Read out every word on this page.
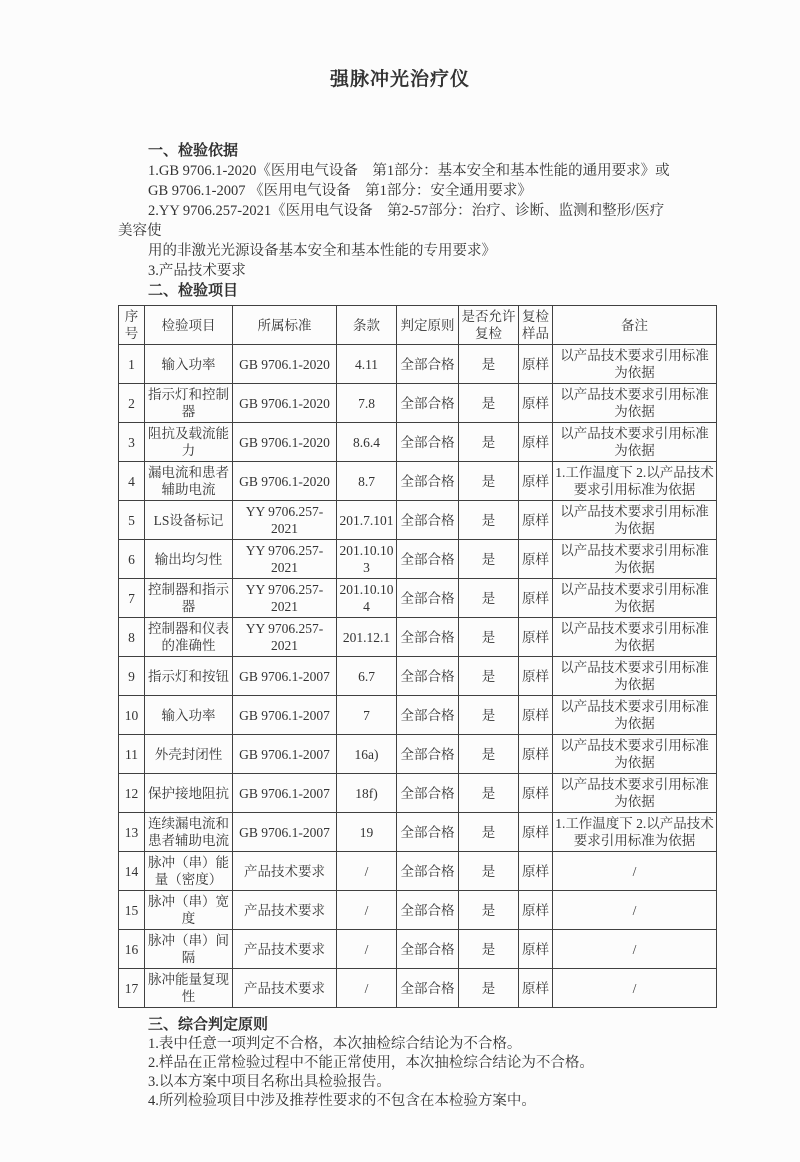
强脉冲光治疗仪
一、检验依据
1.GB 9706.1-2020《医用电气设备　第1部分：基本安全和基本性能的通用要求》或
GB 9706.1-2007 《医用电气设备　第1部分：安全通用要求》
2.YY 9706.257-2021《医用电气设备　第2-57部分：治疗、诊断、监测和整形/医疗
美容使
用的非激光光源设备基本安全和基本性能的专用要求》
3.产品技术要求
二、检验项目
序号	检验项目	所属标准	条款	判定原则	是否允许复检	复检样品	备注
1	输入功率	GB 9706.1-2020	4.11	全部合格	是	原样	以产品技术要求引用标准为依据
2	指示灯和控制器	GB 9706.1-2020	7.8	全部合格	是	原样	以产品技术要求引用标准为依据
3	阻抗及载流能力	GB 9706.1-2020	8.6.4	全部合格	是	原样	以产品技术要求引用标准为依据
4	漏电流和患者辅助电流	GB 9706.1-2020	8.7	全部合格	是	原样	1.工作温度下 2.以产品技术要求引用标准为依据
5	LS设备标记	YY 9706.257-2021	201.7.101	全部合格	是	原样	以产品技术要求引用标准为依据
6	输出均匀性	YY 9706.257-2021	201.10.103	全部合格	是	原样	以产品技术要求引用标准为依据
7	控制器和指示器	YY 9706.257-2021	201.10.104	全部合格	是	原样	以产品技术要求引用标准为依据
8	控制器和仪表的准确性	YY 9706.257-2021	201.12.1	全部合格	是	原样	以产品技术要求引用标准为依据
9	指示灯和按钮	GB 9706.1-2007	6.7	全部合格	是	原样	以产品技术要求引用标准为依据
10	输入功率	GB 9706.1-2007	7	全部合格	是	原样	以产品技术要求引用标准为依据
11	外壳封闭性	GB 9706.1-2007	16a)	全部合格	是	原样	以产品技术要求引用标准为依据
12	保护接地阻抗	GB 9706.1-2007	18f)	全部合格	是	原样	以产品技术要求引用标准为依据
13	连续漏电流和患者辅助电流	GB 9706.1-2007	19	全部合格	是	原样	1.工作温度下 2.以产品技术要求引用标准为依据
14	脉冲（串）能量（密度）	产品技术要求	/	全部合格	是	原样	/
15	脉冲（串）宽度	产品技术要求	/	全部合格	是	原样	/
16	脉冲（串）间隔	产品技术要求	/	全部合格	是	原样	/
17	脉冲能量复现性	产品技术要求	/	全部合格	是	原样	/
三、综合判定原则
1.表中任意一项判定不合格，本次抽检综合结论为不合格。
2.样品在正常检验过程中不能正常使用，本次抽检综合结论为不合格。
3.以本方案中项目名称出具检验报告。
4.所列检验项目中涉及推荐性要求的不包含在本检验方案中。
